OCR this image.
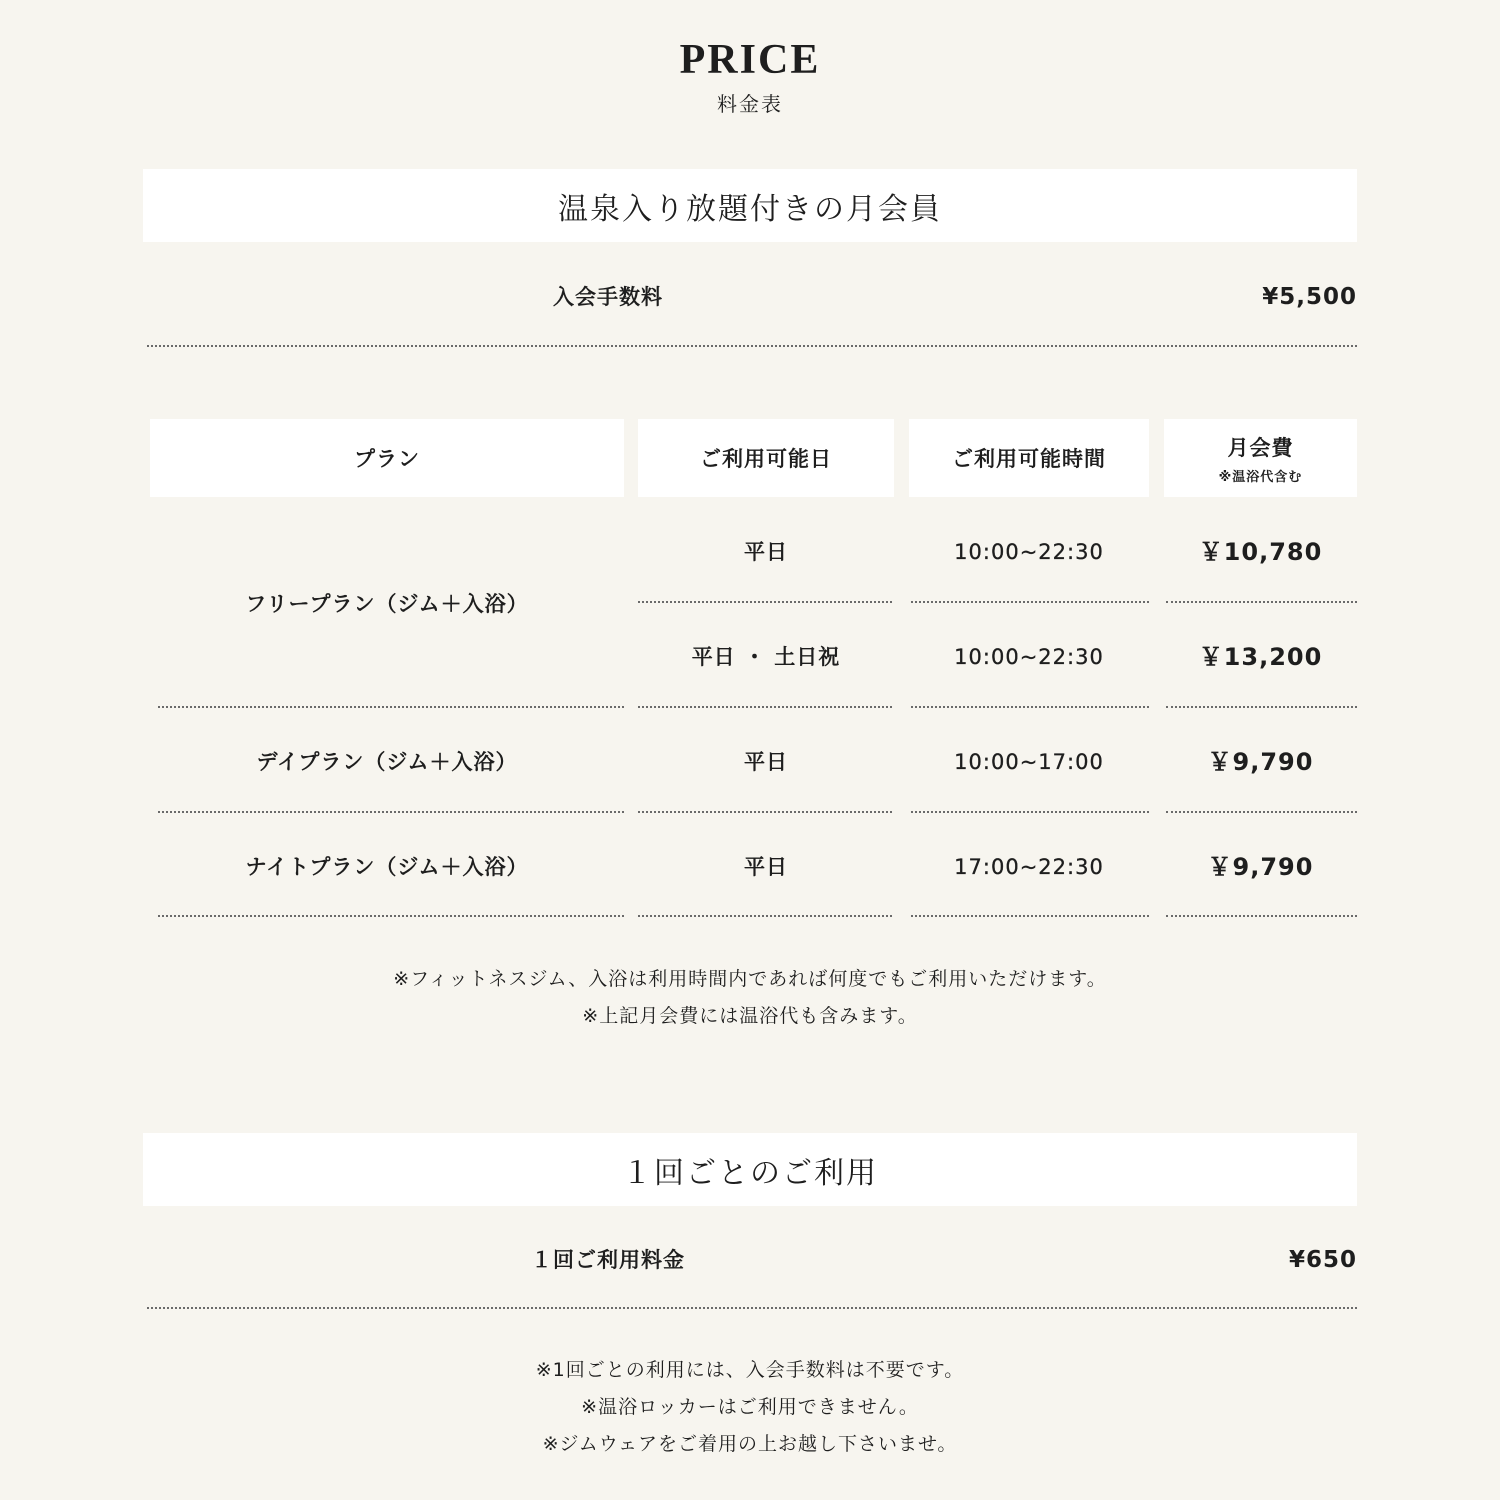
PRICE
料金表
温泉入り放題付きの月会員
入会手数料	¥5,500
プラン	ご利用可能日	ご利用可能時間	月会費
※温浴代含む
フリープラン（ジム＋入浴）
平日	10:00~22:30	￥10,780
平日 ・ 土日祝	10:00~22:30	￥13,200
デイプラン（ジム＋入浴）	平日	10:00~17:00	￥9,790
ナイトプラン（ジム＋入浴）	平日	17:00~22:30	￥9,790
※フィットネスジム、入浴は利用時間内であれば何度でもご利用いただけます。
※上記月会費には温浴代も含みます。
１回ごとのご利用
１回ご利用料金	¥650
※1回ごとの利用には、入会手数料は不要です。
※温浴ロッカーはご利用できません。
※ジムウェアをご着用の上お越し下さいませ。
